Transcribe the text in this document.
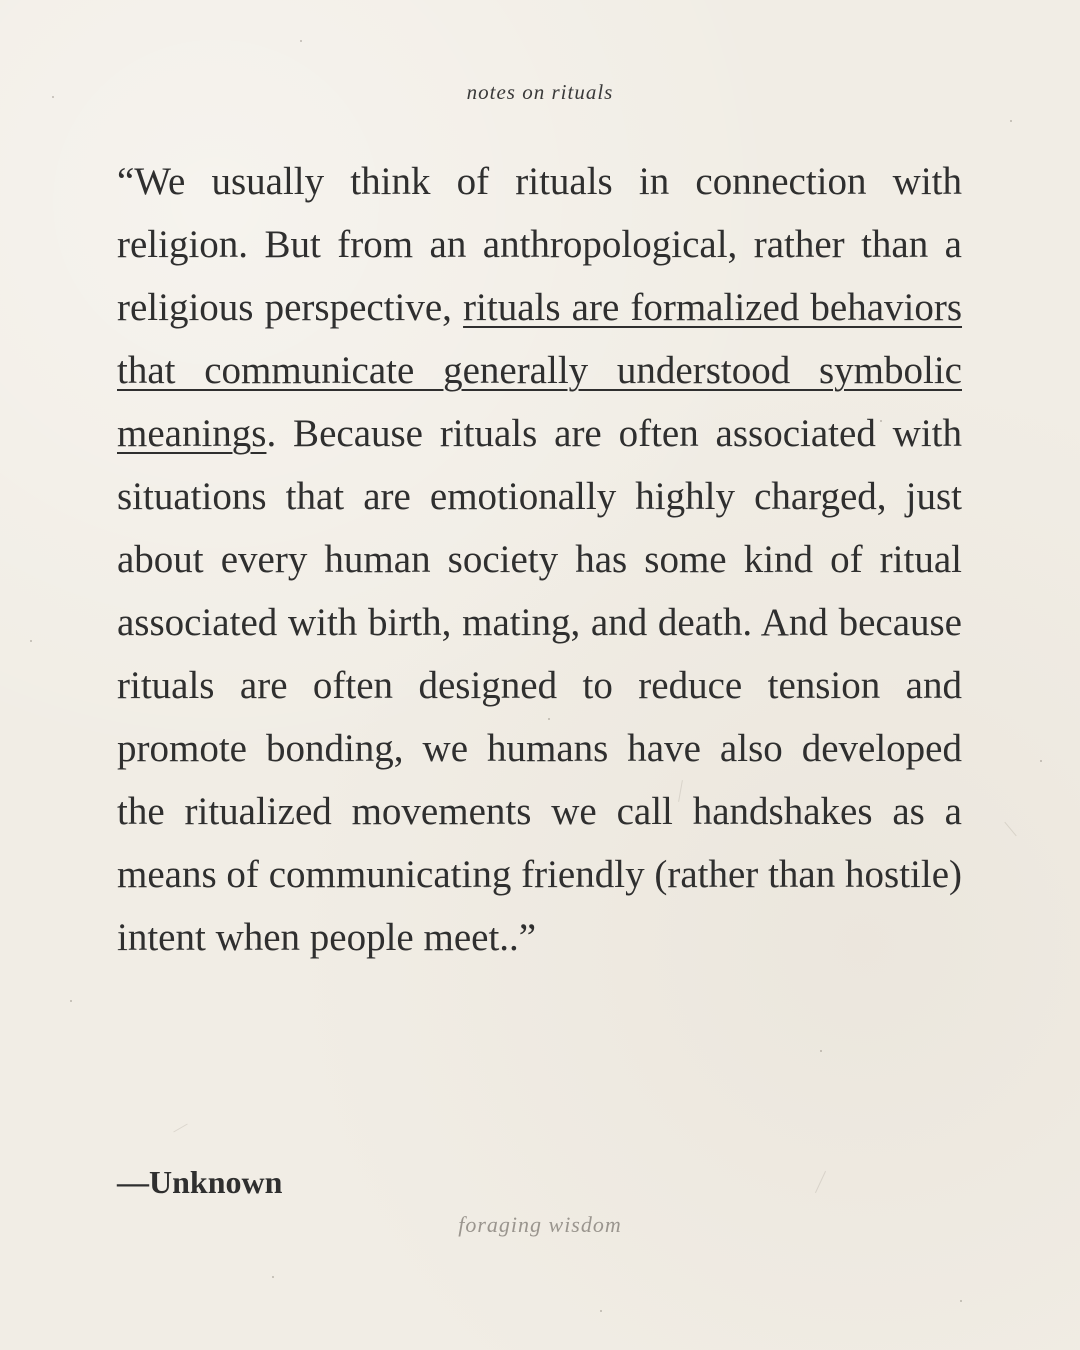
notes on rituals

“We usually think of rituals in connection with religion. But from an anthropological, rather than a religious perspective, rituals are formalized behaviors that communicate generally understood symbolic meanings. Because rituals are often associated with situations that are emotionally highly charged, just about every human society has some kind of ritual associated with birth, mating, and death. And because rituals are often designed to reduce tension and promote bonding, we humans have also developed the ritualized movements we call handshakes as a means of communicating friendly (rather than hostile) intent when people meet..”

—Unknown
foraging wisdom
